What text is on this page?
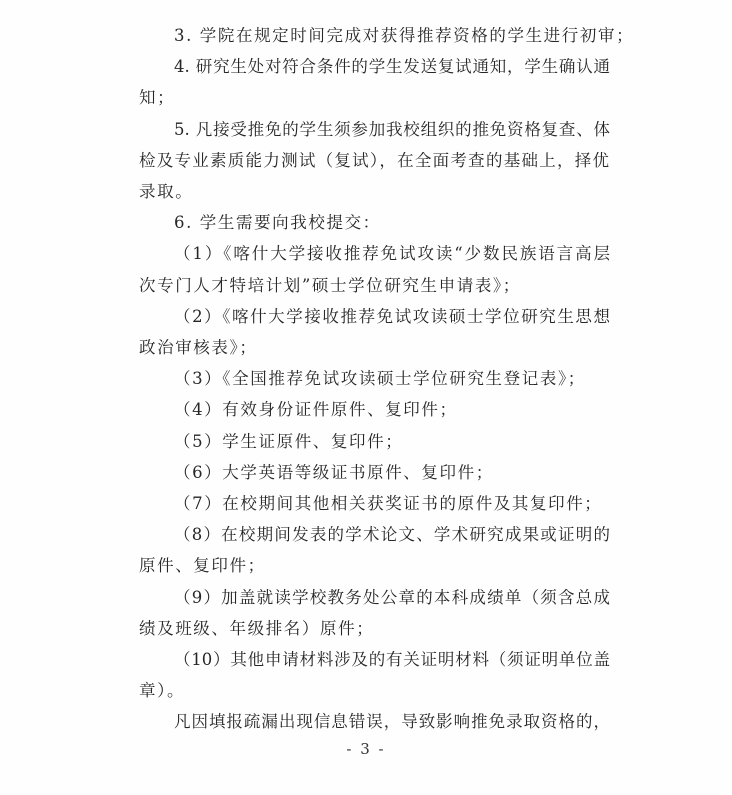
3. 学院在规定时间完成对获得推荐资格的学生进行初审；
4. 研究生处对符合条件的学生发送复试通知，学生确认通
知；
5. 凡接受推免的学生须参加我校组织的推免资格复查、体
检及专业素质能力测试（复试），在全面考查的基础上，择优
录取。
6. 学生需要向我校提交：
（1）《喀什大学接收推荐免试攻读“少数民族语言高层
次专门人才特培计划”硕士学位研究生申请表》；
（2）《喀什大学接收推荐免试攻读硕士学位研究生思想
政治审核表》；
（3）《全国推荐免试攻读硕士学位研究生登记表》；
（4）有效身份证件原件、复印件；
（5）学生证原件、复印件；
（6）大学英语等级证书原件、复印件；
（7）在校期间其他相关获奖证书的原件及其复印件；
（8）在校期间发表的学术论文、学术研究成果或证明的
原件、复印件；
（9）加盖就读学校教务处公章的本科成绩单（须含总成
绩及班级、年级排名）原件；
（10）其他申请材料涉及的有关证明材料（须证明单位盖
章）。
凡因填报疏漏出现信息错误，导致影响推免录取资格的，
- 3 -
